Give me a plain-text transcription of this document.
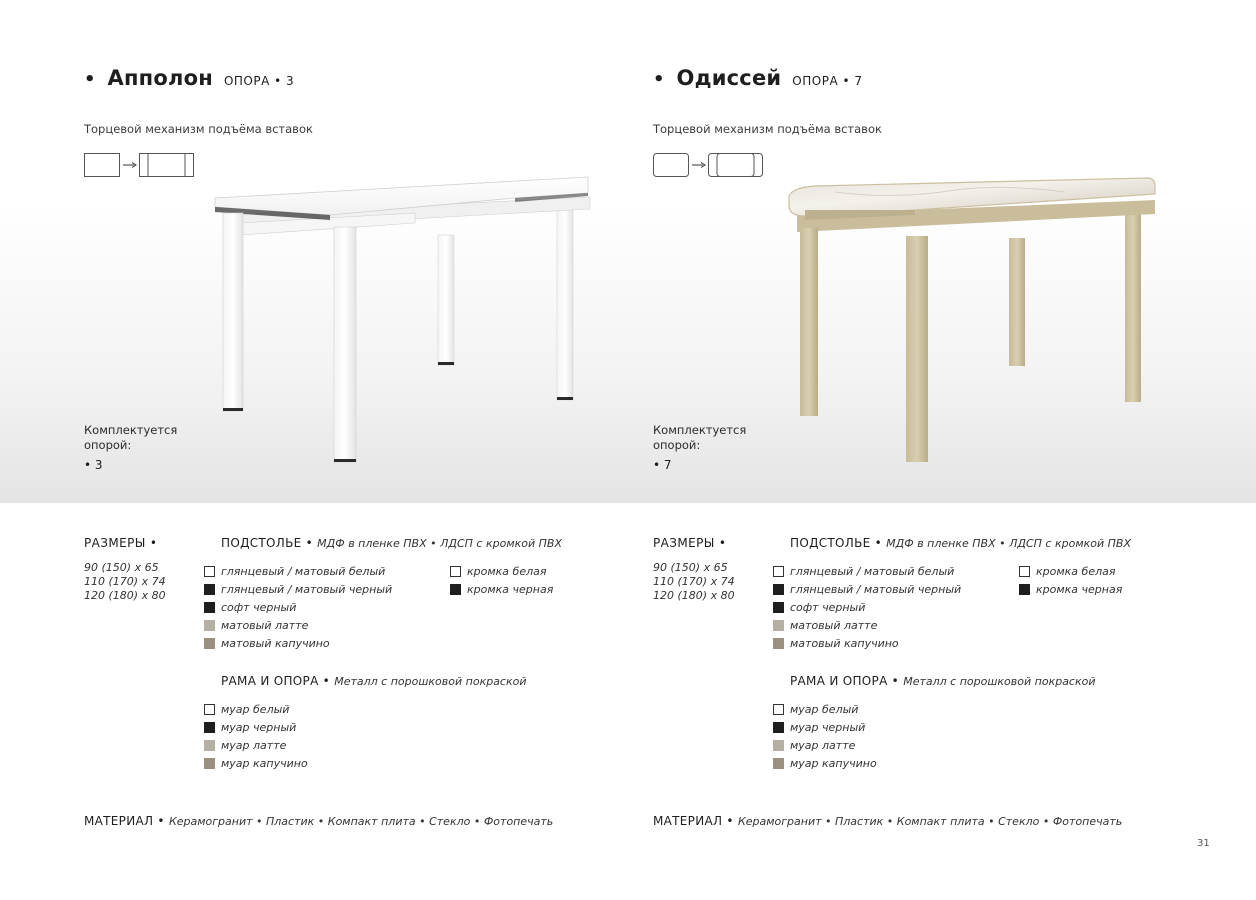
• Апполон ОПОРА • 3
Торцевой механизм подъёма вставок
Комплектуется
опорой:
• 3
РАЗМЕРЫ •
90 (150) x 65
110 (170) x 74
120 (180) x 80
ПОДСТОЛЬЕ • МДФ в пленке ПВХ • ЛДСП с кромкой ПВХ
глянцевый / матовый белый
глянцевый / матовый черный
софт черный
матовый латте
матовый капучино
кромка белая
кромка черная
РАМА И ОПОРА • Металл с порошковой покраской
муар белый
муар черный
муар латте
муар капучино
МАТЕРИАЛ • Керамогранит • Пластик • Компакт плита • Стекло • Фотопечать
• Одиссей ОПОРА • 7
Торцевой механизм подъёма вставок
Комплектуется
опорой:
• 7
РАЗМЕРЫ •
90 (150) x 65
110 (170) x 74
120 (180) x 80
ПОДСТОЛЬЕ • МДФ в пленке ПВХ • ЛДСП с кромкой ПВХ
глянцевый / матовый белый
глянцевый / матовый черный
софт черный
матовый латте
матовый капучино
кромка белая
кромка черная
РАМА И ОПОРА • Металл с порошковой покраской
муар белый
муар черный
муар латте
муар капучино
МАТЕРИАЛ • Керамогранит • Пластик • Компакт плита • Стекло • Фотопечать
31
